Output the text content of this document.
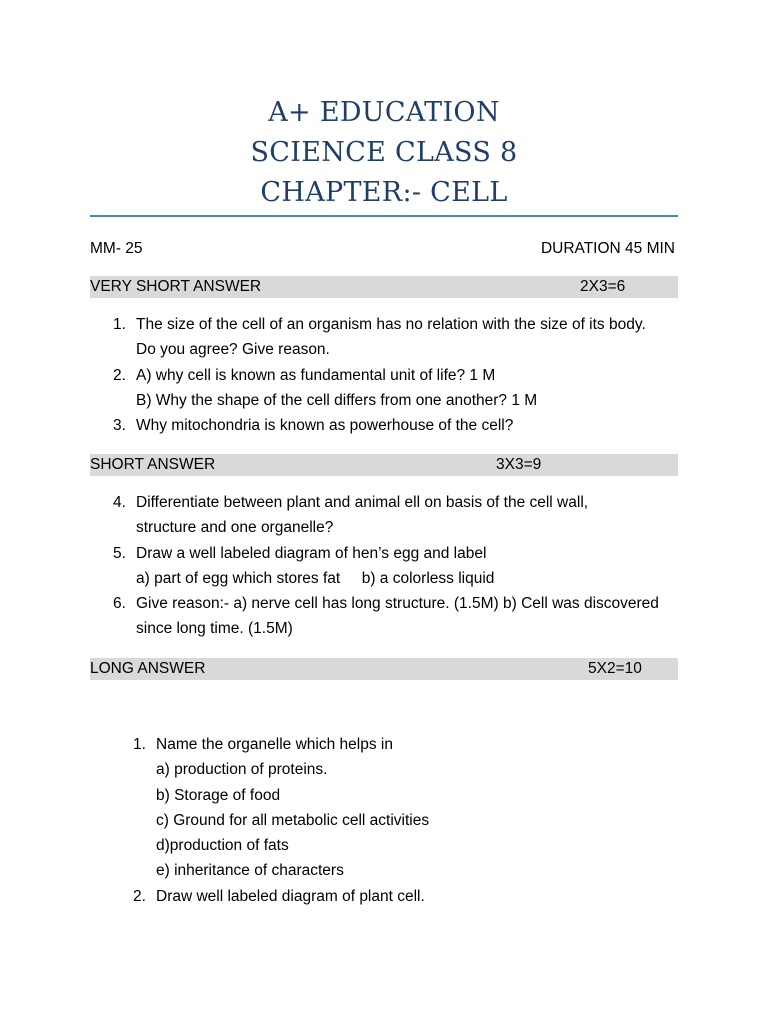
A+ EDUCATION
SCIENCE CLASS 8
CHAPTER:- CELL
MM- 25	DURATION 45 MIN
VERY SHORT ANSWER	2X3=6
1. The size of the cell of an organism has no relation with the size of its body.
Do you agree? Give reason.
2. A) why cell is known as fundamental unit of life? 1 M
B) Why the shape of the cell differs from one another? 1 M
3. Why mitochondria is known as powerhouse of the cell?
SHORT ANSWER	3X3=9
4. Differentiate between plant and animal ell on basis of the cell wall,
structure and one organelle?
5. Draw a well labeled diagram of hen’s egg and label
a) part of egg which stores fat     b) a colorless liquid
6. Give reason:- a) nerve cell has long structure. (1.5M) b) Cell was discovered
since long time. (1.5M)
LONG ANSWER	5X2=10
1. Name the organelle which helps in
a) production of proteins.
b) Storage of food
c) Ground for all metabolic cell activities
d)production of fats
e) inheritance of characters
2. Draw well labeled diagram of plant cell.
